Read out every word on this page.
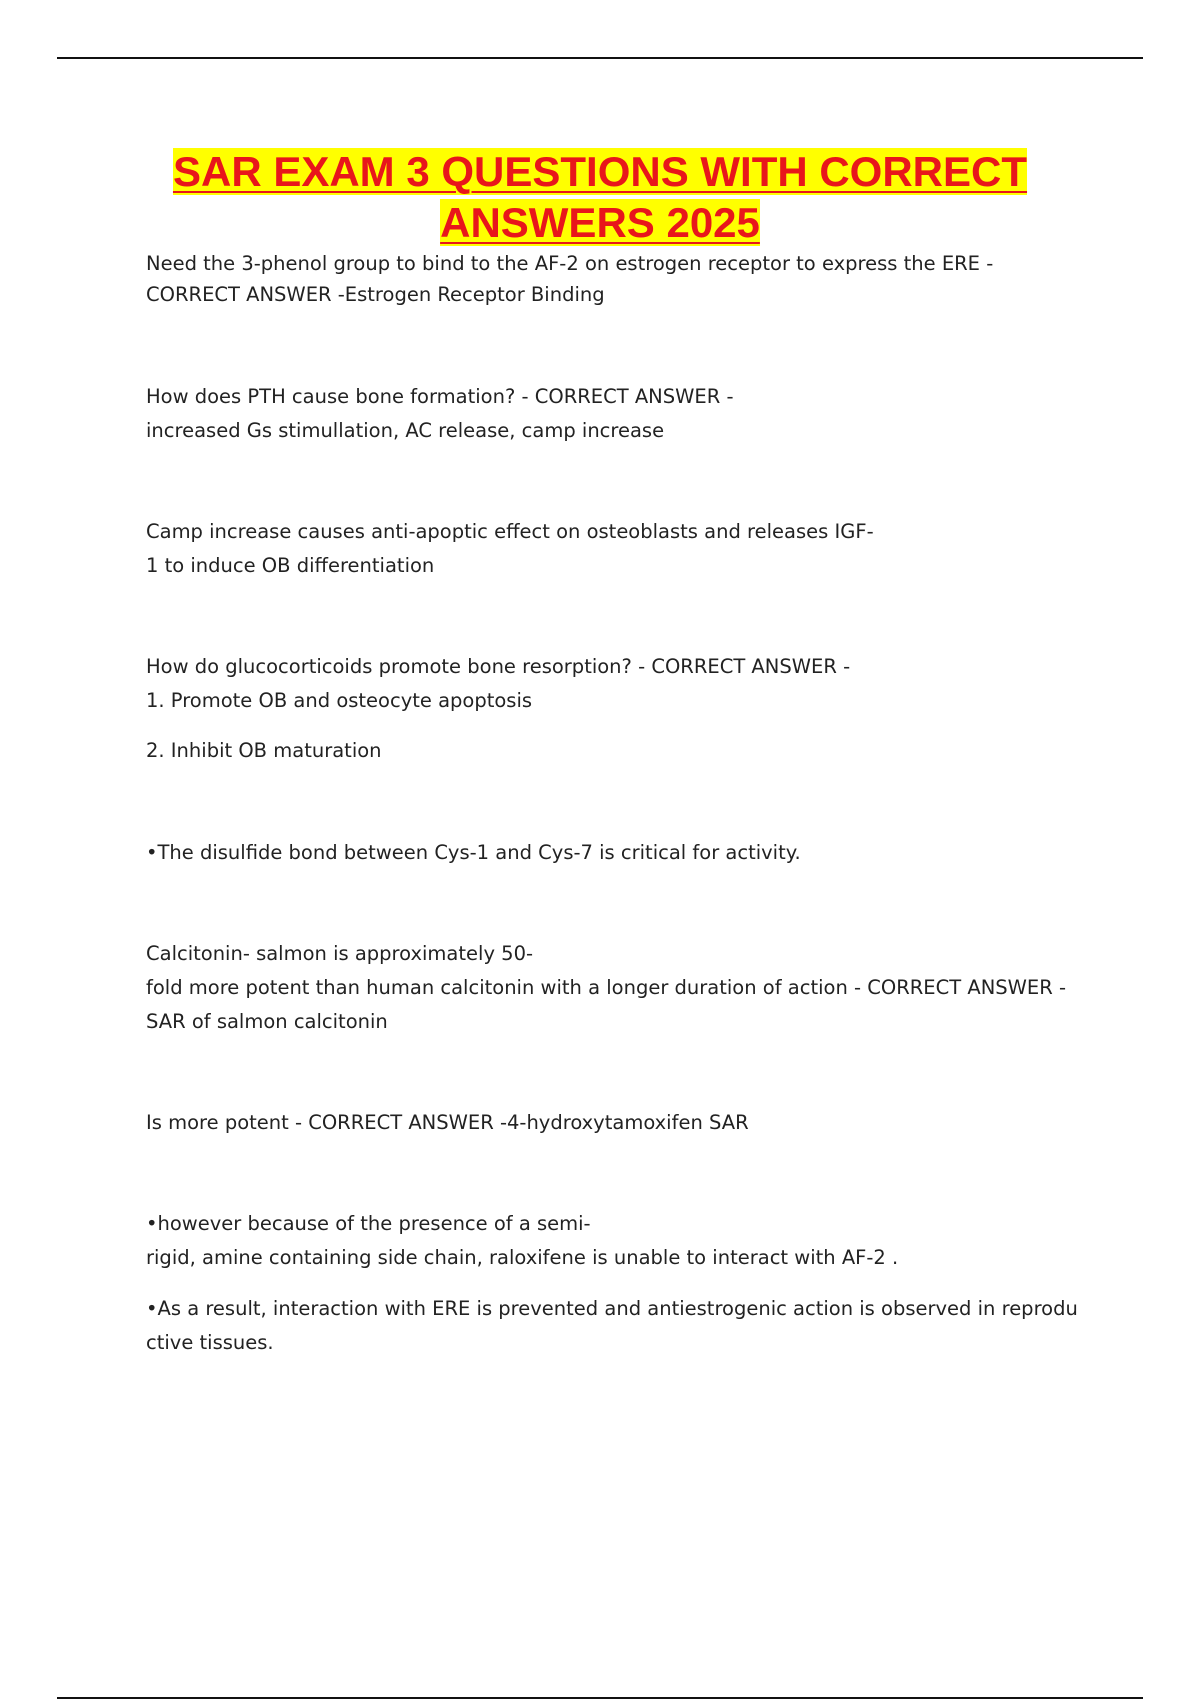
SAR EXAM 3 QUESTIONS WITH CORRECT
ANSWERS 2025
Need the 3-phenol group to bind to the AF-2 on estrogen receptor to express the ERE -
CORRECT ANSWER -Estrogen Receptor Binding
How does PTH cause bone formation? - CORRECT ANSWER -
increased Gs stimullation, AC release, camp increase
Camp increase causes anti-apoptic effect on osteoblasts and releases IGF-
1 to induce OB differentiation
How do glucocorticoids promote bone resorption? - CORRECT ANSWER -
1. Promote OB and osteocyte apoptosis
2. Inhibit OB maturation
•The disulfide bond between Cys-1 and Cys-7 is critical for activity.
Calcitonin- salmon is approximately 50-
fold more potent than human calcitonin with a longer duration of action - CORRECT ANSWER -
SAR of salmon calcitonin
Is more potent - CORRECT ANSWER -4-hydroxytamoxifen SAR
•however because of the presence of a semi-
rigid, amine containing side chain, raloxifene is unable to interact with AF-2 .
•As a result, interaction with ERE is prevented and antiestrogenic action is observed in reprodu
ctive tissues.
